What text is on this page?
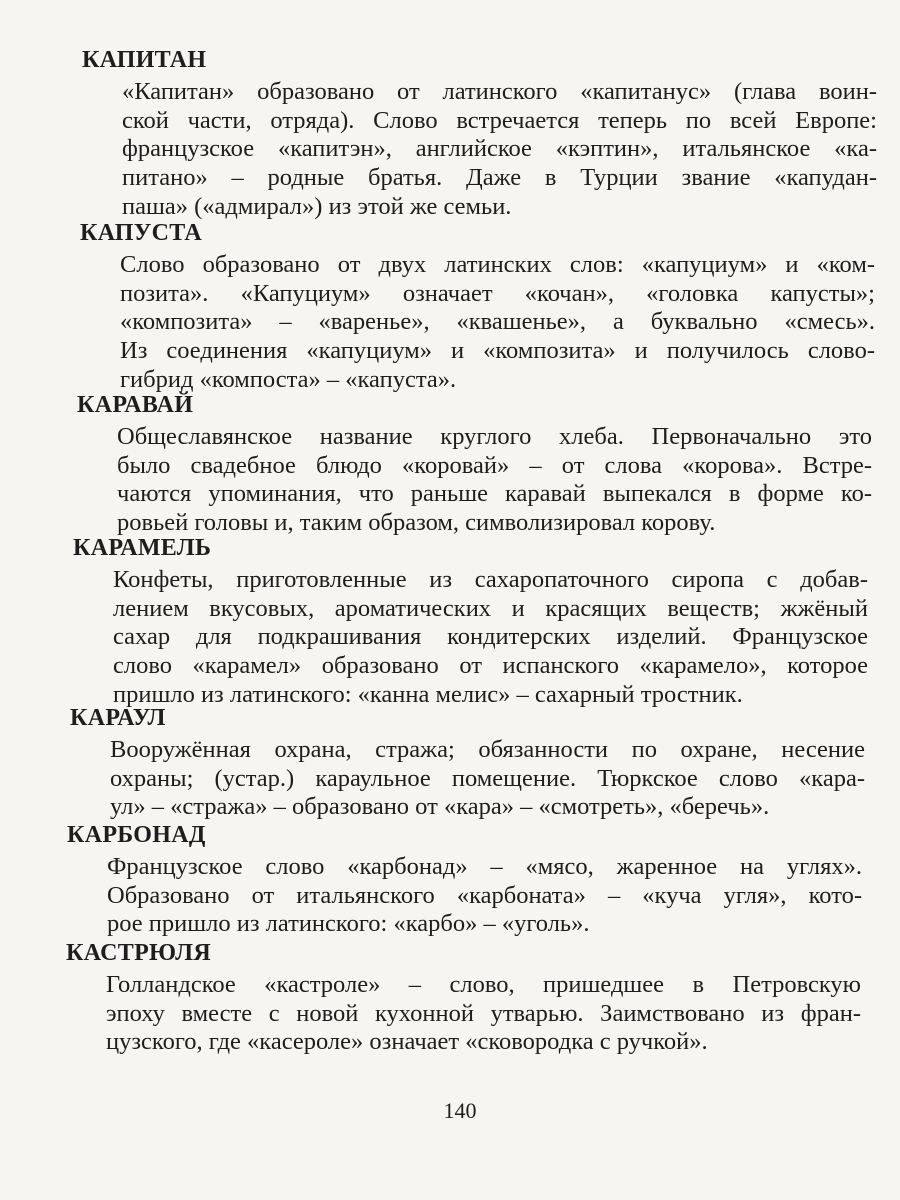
КАПИТАН
«Капитан» образовано от латинского «капитанус» (глава воин-
ской части, отряда). Слово встречается теперь по всей Европе:
французское «капитэн», английское «кэптин», итальянское «ка-
питано» – родные братья. Даже в Турции звание «капудан-
паша» («адмирал») из этой же семьи.
КАПУСТА
Слово образовано от двух латинских слов: «капуциум» и «ком-
позита». «Капуциум» означает «кочан», «головка капусты»;
«композита» – «варенье», «квашенье», а буквально «смесь».
Из соединения «капуциум» и «композита» и получилось слово-
гибрид «компоста» – «капуста».
КАРАВАЙ
Общеславянское название круглого хлеба. Первоначально это
было свадебное блюдо «коровай» – от слова «корова». Встре-
чаются упоминания, что раньше каравай выпекался в форме ко-
ровьей головы и, таким образом, символизировал корову.
КАРАМЕЛЬ
Конфеты, приготовленные из сахаропаточного сиропа с добав-
лением вкусовых, ароматических и красящих веществ; жжёный
сахар для подкрашивания кондитерских изделий. Французское
слово «карамел» образовано от испанского «карамело», которое
пришло из латинского: «канна мелис» – сахарный тростник.
КАРАУЛ
Вооружённая охрана, стража; обязанности по охране, несение
охраны; (устар.) караульное помещение. Тюркское слово «кара-
ул» – «стража» – образовано от «кара» – «смотреть», «беречь».
КАРБОНАД
Французское слово «карбонад» – «мясо, жаренное на углях».
Образовано от итальянского «карбоната» – «куча угля», кото-
рое пришло из латинского: «карбо» – «уголь».
КАСТРЮЛЯ
Голландское «кастроле» – слово, пришедшее в Петровскую
эпоху вместе с новой кухонной утварью. Заимствовано из фран-
цузского, где «касероле» означает «сковородка с ручкой».
140
